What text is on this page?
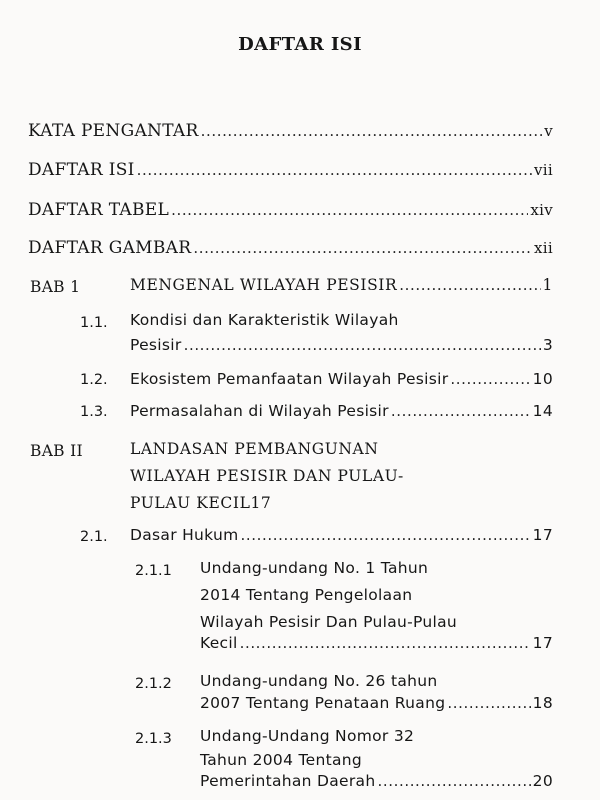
DAFTAR ISI
KATA PENGANTAR .....	v
DAFTAR ISI .....	vii
DAFTAR TABEL .....	xiv
DAFTAR GAMBAR .....	xii
BAB 1	MENGENAL WILAYAH PESISIR .....	1
1.1. Kondisi dan Karakteristik Wilayah
Pesisir .....	3
1.2. Ekosistem Pemanfaatan Wilayah Pesisir .....	10
1.3. Permasalahan di Wilayah Pesisir .....	14
BAB II	LANDASAN PEMBANGUNAN
WILAYAH PESISIR DAN PULAU-
PULAU KECIL17
2.1. Dasar Hukum .....	17
2.1.1 Undang-undang No. 1 Tahun
2014 Tentang Pengelolaan
Wilayah Pesisir Dan Pulau-Pulau
Kecil .....	17
2.1.2 Undang-undang No. 26 tahun
2007 Tentang Penataan Ruang .....	18
2.1.3 Undang-Undang Nomor 32
Tahun 2004 Tentang
Pemerintahan Daerah .....	20
